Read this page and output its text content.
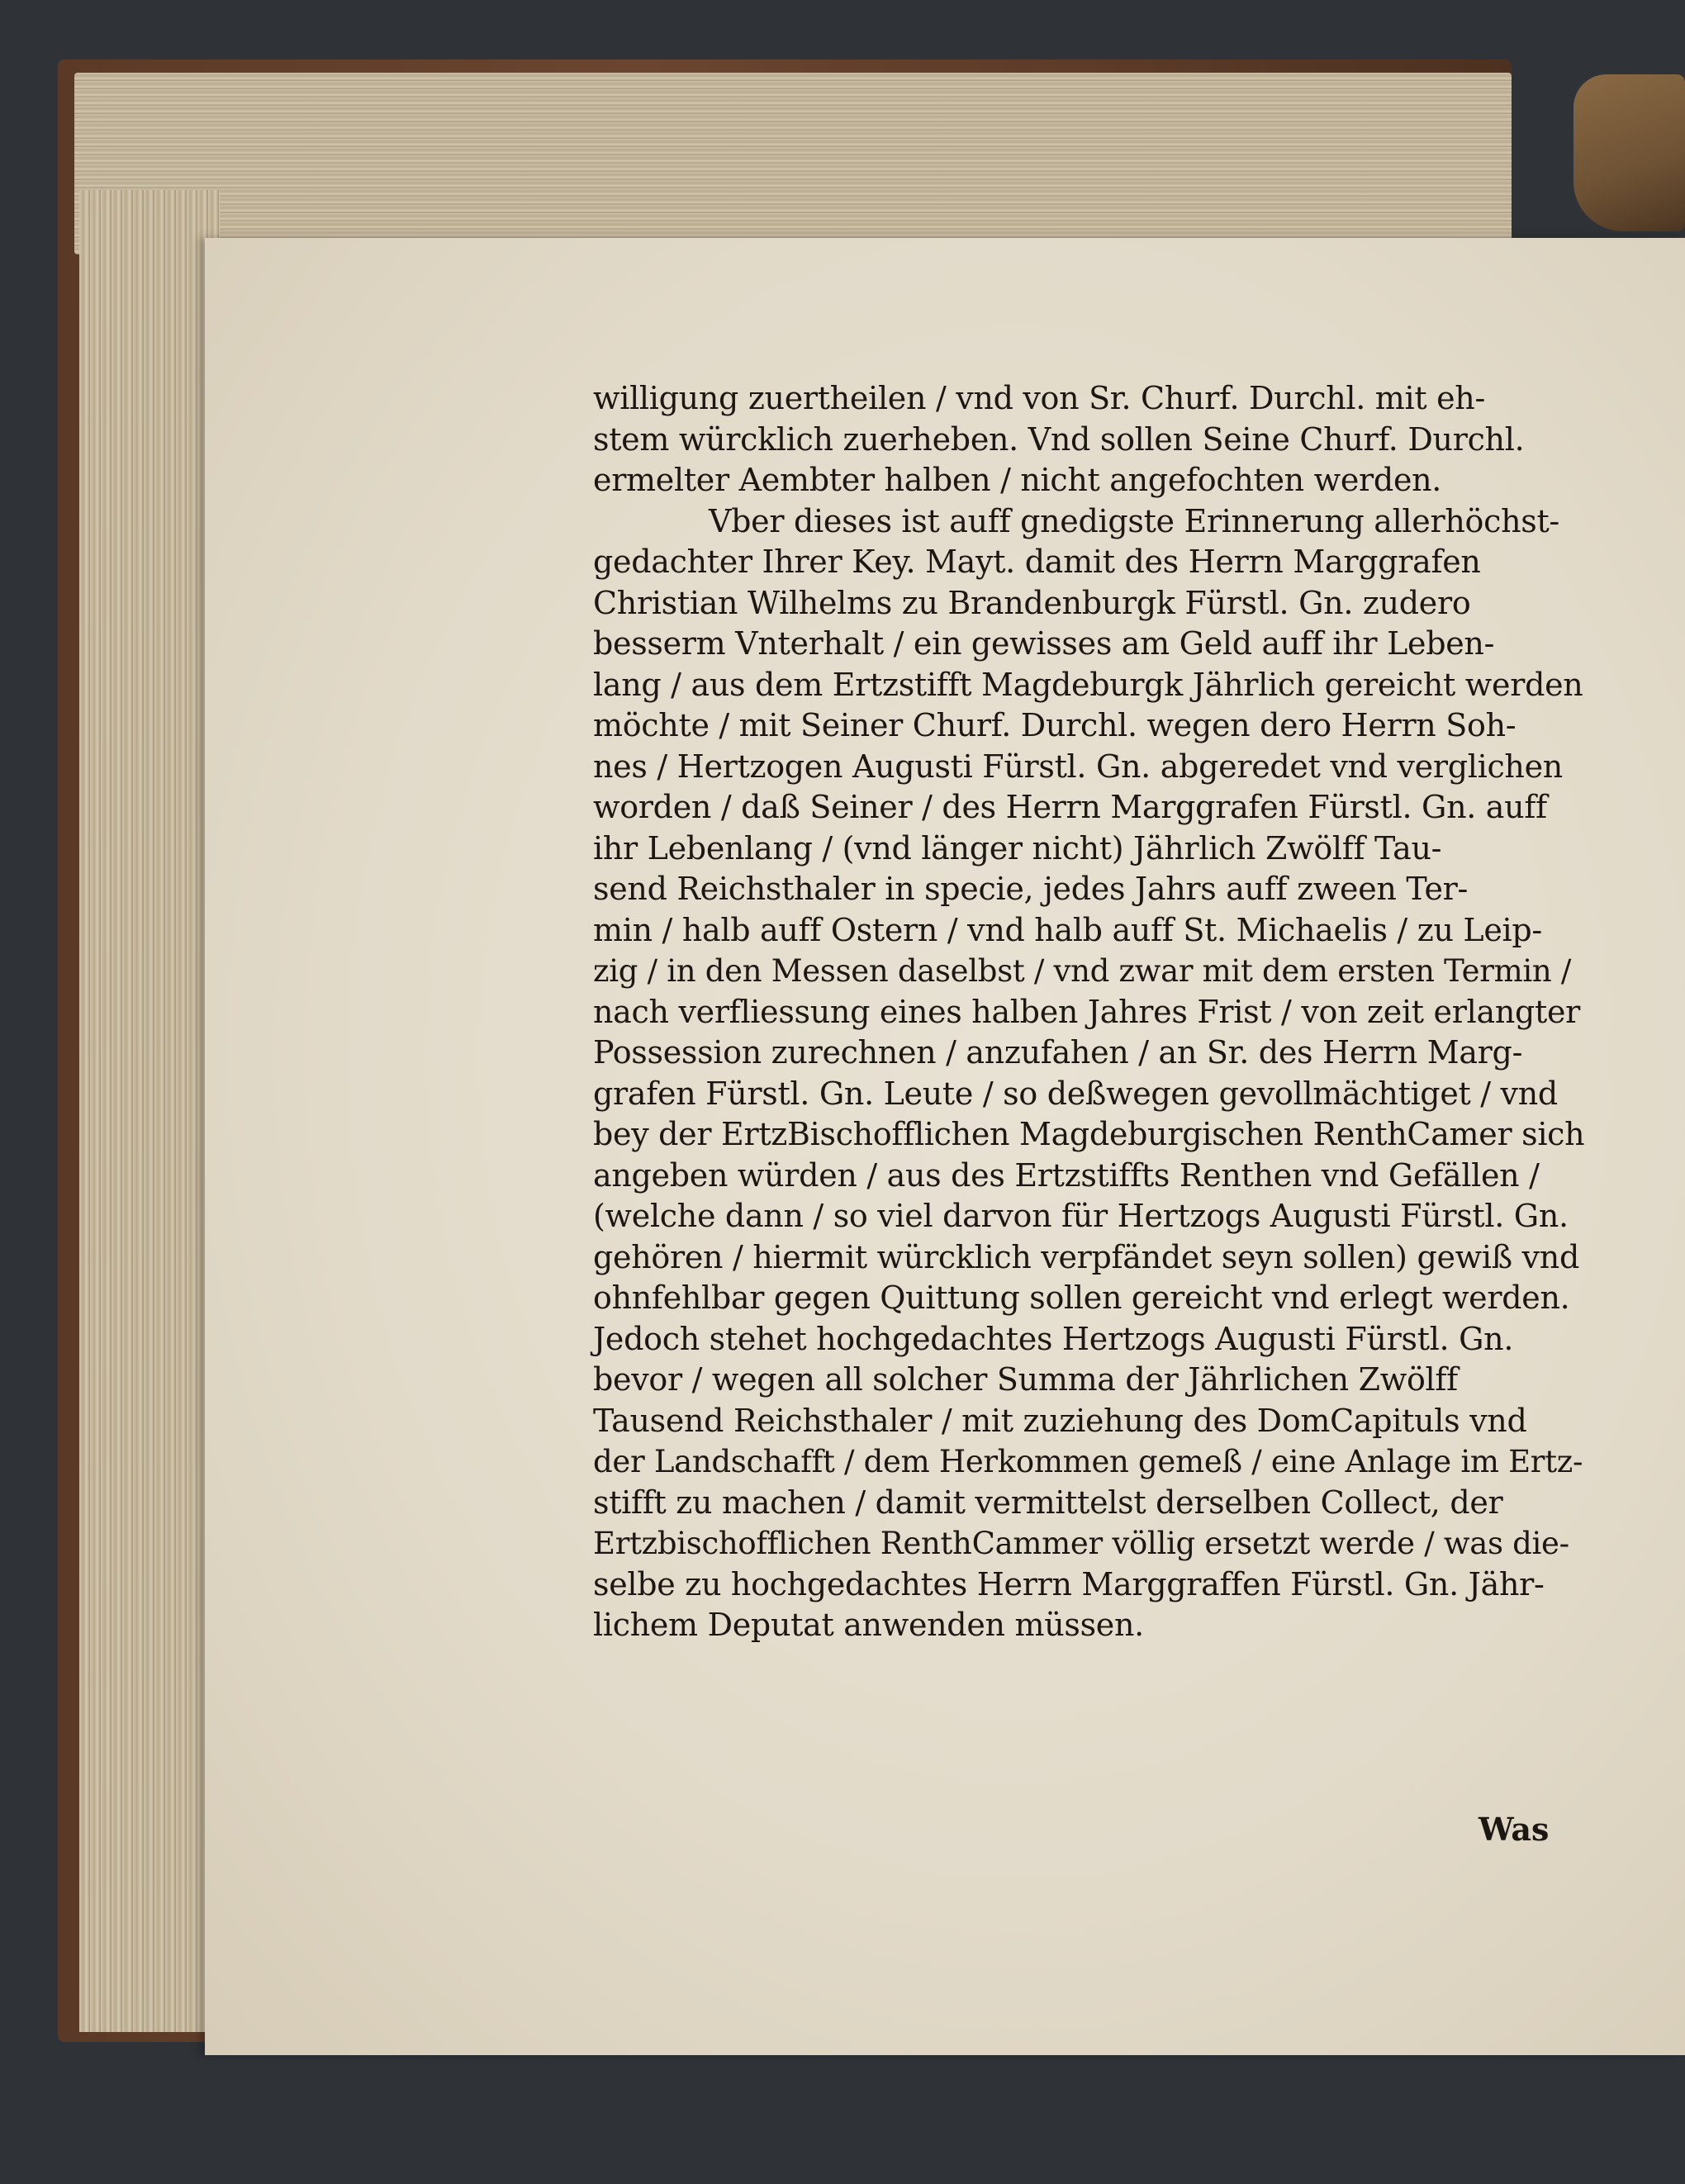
willigung zuertheilen / vnd von Sr. Churf. Durchl. mit eh-
stem würcklich zuerheben. Vnd sollen Seine Churf. Durchl.
ermelter Aembter halben / nicht angefochten werden.
Vber dieses ist auff gnedigste Erinnerung allerhöchst-
gedachter Ihrer Key. Mayt. damit des Herrn Marggrafen
Christian Wilhelms zu Brandenburgk Fürstl. Gn. zudero
besserm Vnterhalt / ein gewisses am Geld auff ihr Leben-
lang / aus dem Ertzstifft Magdeburgk Jährlich gereicht werden
möchte / mit Seiner Churf. Durchl. wegen dero Herrn Soh-
nes / Hertzogen Augusti Fürstl. Gn. abgeredet vnd verglichen
worden / daß Seiner / des Herrn Marggrafen Fürstl. Gn. auff
ihr Lebenlang / (vnd länger nicht) Jährlich Zwölff Tau-
send Reichsthaler in specie, jedes Jahrs auff zween Ter-
min / halb auff Ostern / vnd halb auff St. Michaelis / zu Leip-
zig / in den Messen daselbst / vnd zwar mit dem ersten Termin /
nach verfliessung eines halben Jahres Frist / von zeit erlangter
Possession zurechnen / anzufahen / an Sr. des Herrn Marg-
grafen Fürstl. Gn. Leute / so deßwegen gevollmächtiget / vnd
bey der ErtzBischofflichen Magdeburgischen RenthCamer sich
angeben würden / aus des Ertzstiffts Renthen vnd Gefällen /
(welche dann / so viel darvon für Hertzogs Augusti Fürstl. Gn.
gehören / hiermit würcklich verpfändet seyn sollen) gewiß vnd
ohnfehlbar gegen Quittung sollen gereicht vnd erlegt werden.
Jedoch stehet hochgedachtes Hertzogs Augusti Fürstl. Gn.
bevor / wegen all solcher Summa der Jährlichen Zwölff
Tausend Reichsthaler / mit zuziehung des DomCapituls vnd
der Landschafft / dem Herkommen gemeß / eine Anlage im Ertz-
stifft zu machen / damit vermittelst derselben Collect, der
Ertzbischofflichen RenthCammer völlig ersetzt werde / was die-
selbe zu hochgedachtes Herrn Marggraffen Fürstl. Gn. Jähr-
lichem Deputat anwenden müssen.
Was
